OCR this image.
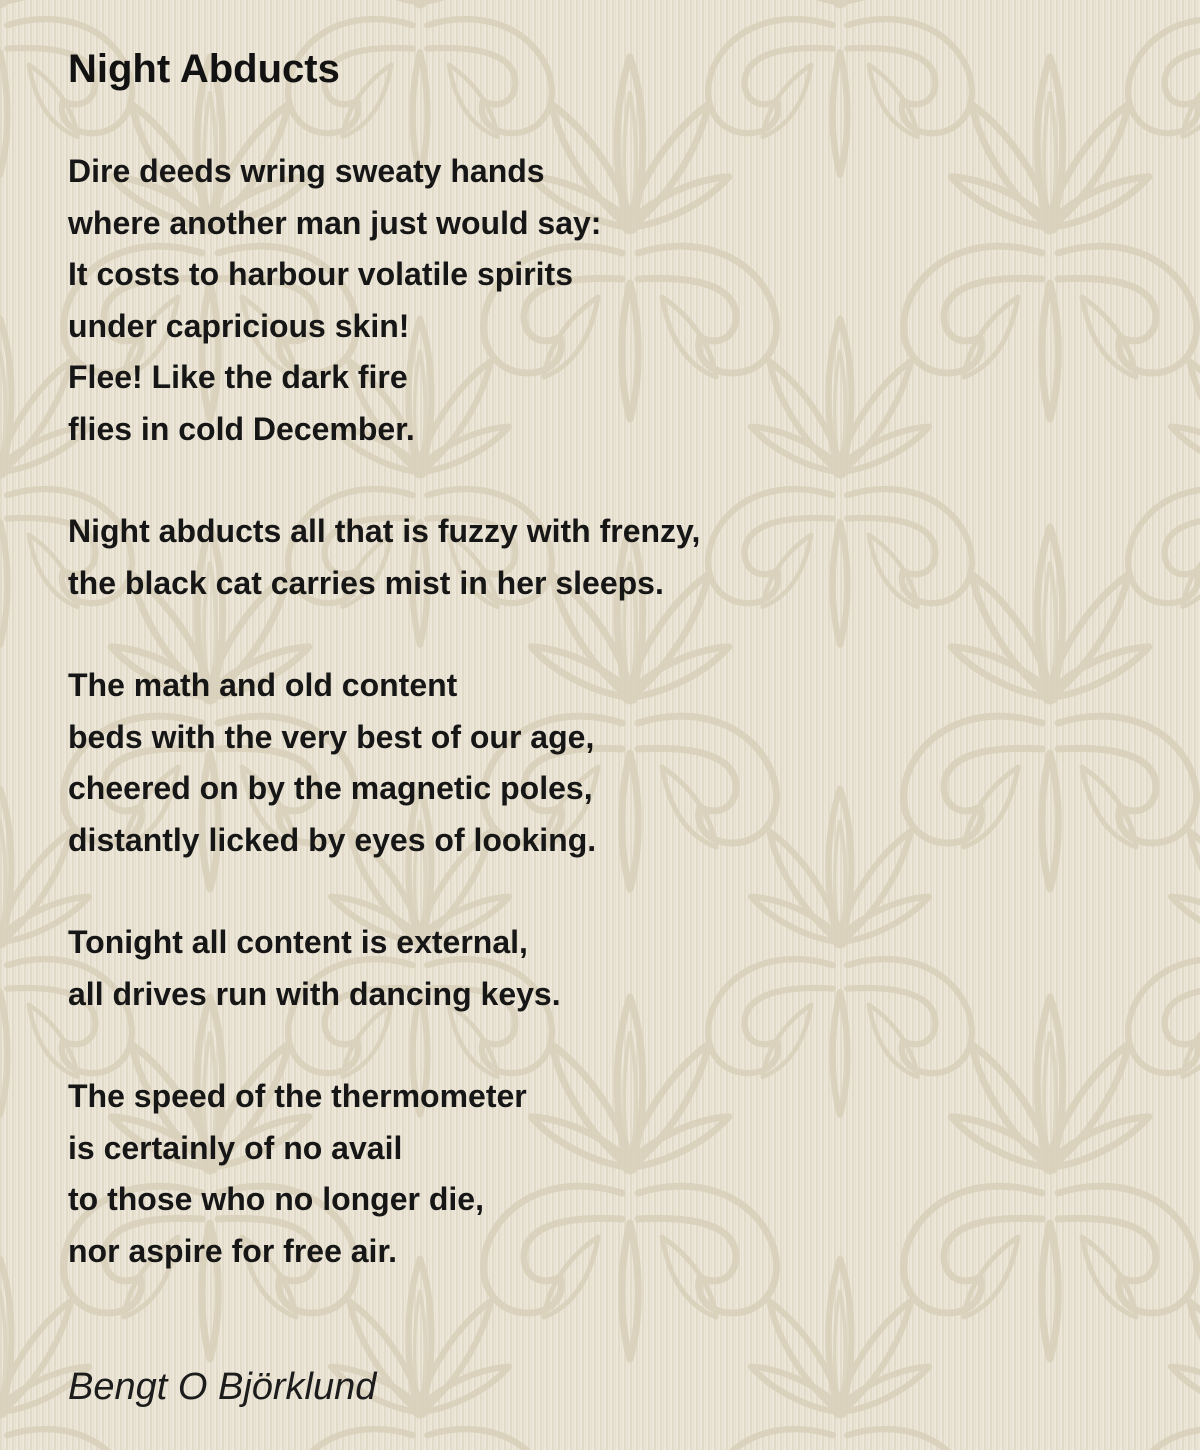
Night Abducts

Dire deeds wring sweaty hands

where another man just would say:

It costs to harbour volatile spirits

under capricious skin!

Flee! Like the dark fire

flies in cold December.

Night abducts all that is fuzzy with frenzy,

the black cat carries mist in her sleeps.

The math and old content

beds with the very best of our age,

cheered on by the magnetic poles,

distantly licked by eyes of looking.

Tonight all content is external,

all drives run with dancing keys.

The speed of the thermometer

is certainly of no avail

to those who no longer die,

nor aspire for free air.

Bengt O Björklund
